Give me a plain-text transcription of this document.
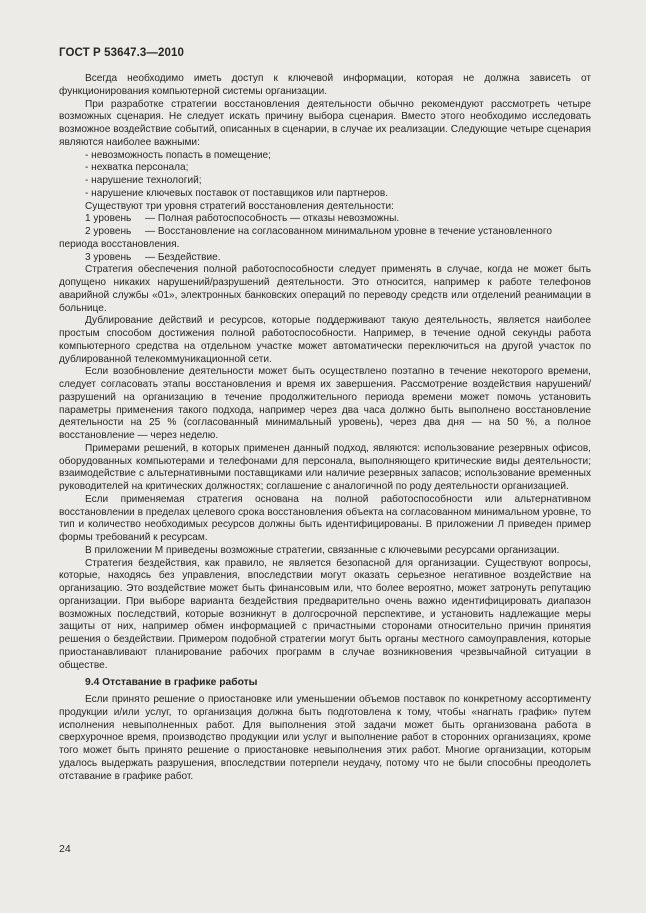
ГОСТ Р 53647.3—2010

Всегда необходимо иметь доступ к ключевой информации, которая не должна зависеть от функционирования компьютерной системы организации.

При разработке стратегии восстановления деятельности обычно рекомендуют рассмотреть четыре возможных сценария. Не следует искать причину выбора сценария. Вместо этого необходимо исследовать возможное воздействие событий, описанных в сценарии, в случае их реализации. Следующие четыре сценария являются наиболее важными:

- невозможность попасть в помещение;

- нехватка персонала;

- нарушение технологий;

- нарушение ключевых поставок от поставщиков или партнеров.

Существуют три уровня стратегий восстановления деятельности:

1 уровень — Полная работоспособность — отказы невозможны.

2 уровень — Восстановление на согласованном минимальном уровне в течение установленного
периода восстановления.

3 уровень — Бездействие.

Стратегия обеспечения полной работоспособности следует применять в случае, когда не может быть допущено никаких нарушений/разрушений деятельности. Это относится, например к работе телефонов аварийной службы «01», электронных банковских операций по переводу средств или отделений реанимации в больнице.

Дублирование действий и ресурсов, которые поддерживают такую деятельность, является наиболее простым способом достижения полной работоспособности. Например, в течение одной секунды работа компьютерного средства на отдельном участке может автоматически переключиться на другой участок по дублированной телекоммуникационной сети.

Если возобновление деятельности может быть осуществлено поэтапно в течение некоторого времени, следует согласовать этапы восстановления и время их завершения. Рассмотрение воздействия нарушений/разрушений на организацию в течение продолжительного периода времени может помочь установить параметры применения такого подхода, например через два часа должно быть выполнено восстановление деятельности на 25 % (согласованный минимальный уровень), через два дня — на 50 %, а полное восстановление — через неделю.

Примерами решений, в которых применен данный подход, являются: использование резервных офисов, оборудованных компьютерами и телефонами для персонала, выполняющего критические виды деятельности; взаимодействие с альтернативными поставщиками или наличие резервных запасов; использование временных руководителей на критических должностях; соглашение с аналогичной по роду деятельности организацией.

Если применяемая стратегия основана на полной работоспособности или альтернативном восстановлении в пределах целевого срока восстановления объекта на согласованном минимальном уровне, то тип и количество необходимых ресурсов должны быть идентифицированы. В приложении Л приведен пример формы требований к ресурсам.

В приложении М приведены возможные стратегии, связанные с ключевыми ресурсами организации.

Стратегия бездействия, как правило, не является безопасной для организации. Существуют вопросы, которые, находясь без управления, впоследствии могут оказать серьезное негативное воздействие на организацию. Это воздействие может быть финансовым или, что более вероятно, может затронуть репутацию организации. При выборе варианта бездействия предварительно очень важно идентифицировать диапазон возможных последствий, которые возникнут в долгосрочной перспективе, и установить надлежащие меры защиты от них, например обмен информацией с причастными сторонами относительно причин принятия решения о бездействии. Примером подобной стратегии могут быть органы местного самоуправления, которые приостанавливают планирование рабочих программ в случае возникновения чрезвычайной ситуации в обществе.

9.4 Отставание в графике работы

Если принято решение о приостановке или уменьшении объемов поставок по конкретному ассортименту продукции и/или услуг, то организация должна быть подготовлена к тому, чтобы «нагнать график» путем исполнения невыполненных работ. Для выполнения этой задачи может быть организована работа в сверхурочное время, производство продукции или услуг и выполнение работ в сторонних организациях, кроме того может быть принято решение о приостановке невыполнения этих работ. Многие организации, которым удалось выдержать разрушения, впоследствии потерпели неудачу, потому что не были способны преодолеть отставание в графике работ.

24
